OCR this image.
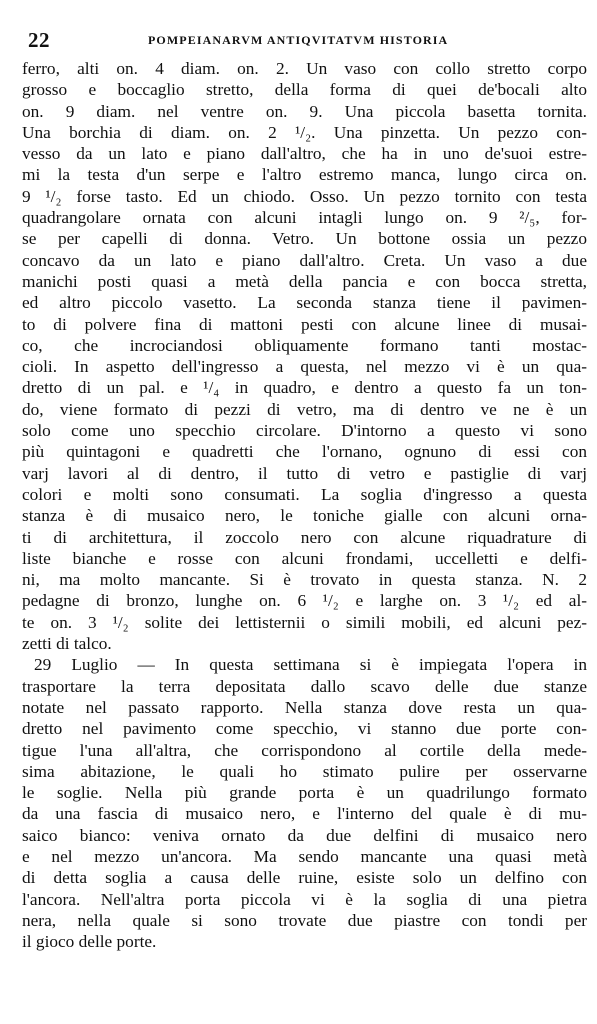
22	POMPEIANARVM ANTIQVITATVM HISTORIA
ferro, alti on. 4 diam. on. 2. Un vaso con collo stretto corpo
grosso e boccaglio stretto, della forma di quei de'bocali alto
on. 9 diam. nel ventre on. 9. Una piccola basetta tornita.
Una borchia di diam. on. 2 ¹/₂. Una pinzetta. Un pezzo con-
vesso da un lato e piano dall'altro, che ha in uno de'suoi estre-
mi la testa d'un serpe e l'altro estremo manca, lungo circa on.
9 ¹/₂ forse tasto. Ed un chiodo. Osso. Un pezzo tornito con testa
quadrangolare ornata con alcuni intagli lungo on. 9 ²/₅, for-
se per capelli di donna. Vetro. Un bottone ossia un pezzo
concavo da un lato e piano dall'altro. Creta. Un vaso a due
manichi posti quasi a metà della pancia e con bocca stretta,
ed altro piccolo vasetto. La seconda stanza tiene il pavimen-
to di polvere fina di mattoni pesti con alcune linee di musai-
co, che incrociandosi obliquamente formano tanti mostac-
cioli. In aspetto dell'ingresso a questa, nel mezzo vi è un qua-
dretto di un pal. e ¹/₄ in quadro, e dentro a questo fa un ton-
do, viene formato di pezzi di vetro, ma di dentro ve ne è un
solo come uno specchio circolare. D'intorno a questo vi sono
più quintagoni e quadretti che l'ornano, ognuno di essi con
varj lavori al di dentro, il tutto di vetro e pastiglie di varj
colori e molti sono consumati. La soglia d'ingresso a questa
stanza è di musaico nero, le toniche gialle con alcuni orna-
ti di architettura, il zoccolo nero con alcune riquadrature di
liste bianche e rosse con alcuni frondami, uccelletti e delfi-
ni, ma molto mancante. Si è trovato in questa stanza. N. 2
pedagne di bronzo, lunghe on. 6 ¹/₂ e larghe on. 3 ¹/₂ ed al-
te on. 3 ¹/₂ solite dei lettisternii o simili mobili, ed alcuni pez-
zetti di talco.
29 Luglio — In questa settimana si è impiegata l'opera in
trasportare la terra depositata dallo scavo delle due stanze
notate nel passato rapporto. Nella stanza dove resta un qua-
dretto nel pavimento come specchio, vi stanno due porte con-
tigue l'una all'altra, che corrispondono al cortile della mede-
sima abitazione, le quali ho stimato pulire per osservarne
le soglie. Nella più grande porta è un quadrilungo formato
da una fascia di musaico nero, e l'interno del quale è di mu-
saico bianco: veniva ornato da due delfini di musaico nero
e nel mezzo un'ancora. Ma sendo mancante una quasi metà
di detta soglia a causa delle ruine, esiste solo un delfino con
l'ancora. Nell'altra porta piccola vi è la soglia di una pietra
nera, nella quale si sono trovate due piastre con tondi per
il gioco delle porte.
